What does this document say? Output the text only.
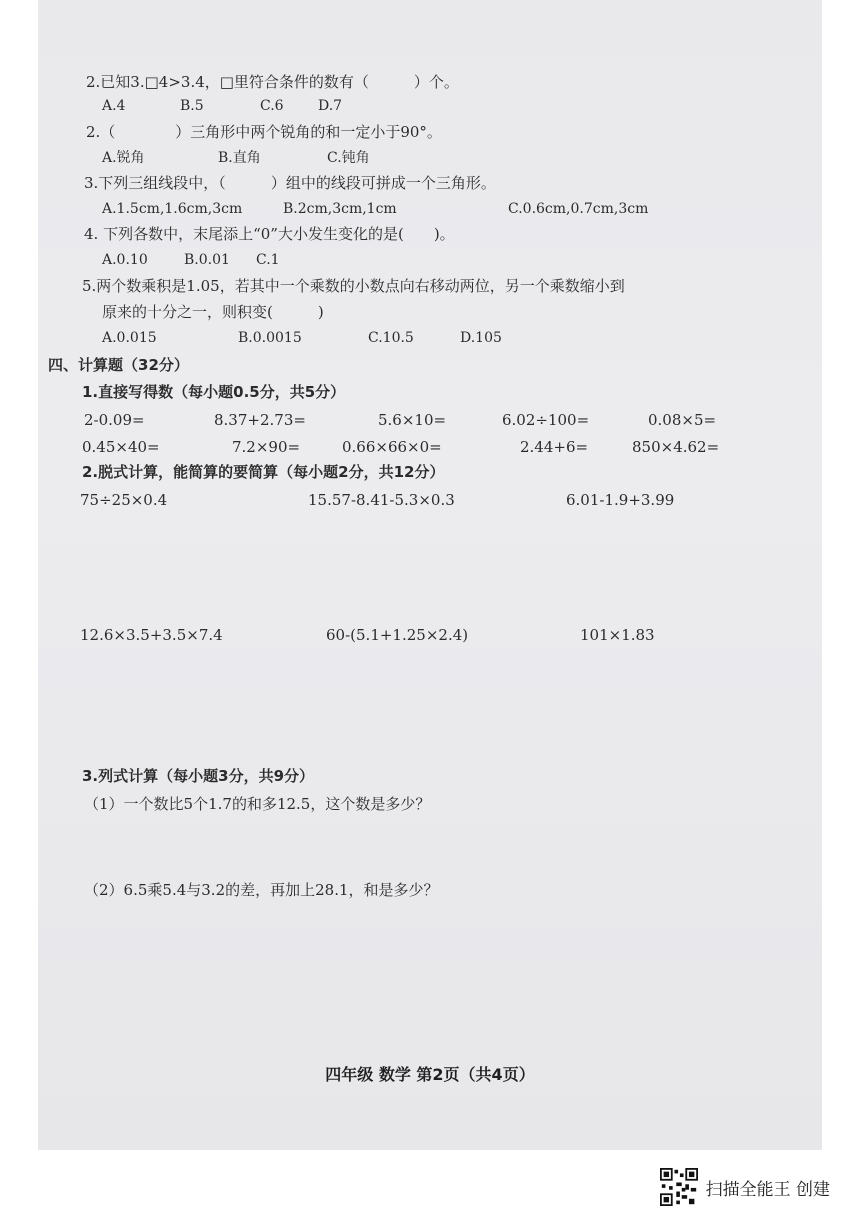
2.已知3.□4>3.4，□里符合条件的数有（　　　）个。
A.4	B.5	C.6 D.7
2.（　　　　）三角形中两个锐角的和一定小于90°。
A.锐角	B.直角	C.钝角
3.下列三组线段中，（　　　）组中的线段可拼成一个三角形。
A.1.5cm,1.6cm,3cm	B.2cm,3cm,1cm	C.0.6cm,0.7cm,3cm
4. 下列各数中，末尾添上“0”大小发生变化的是(　　)。
A.0.10	B.0.01 C.1
5.两个数乘积是1.05，若其中一个乘数的小数点向右移动两位，另一个乘数缩小到
原来的十分之一，则积变(　　　)
A.0.015	B.0.0015	C.10.5	D.105
四、计算题（32分）
1.直接写得数（每小题0.5分，共5分）
2-0.09=	8.37+2.73=	5.6×10=	6.02÷100=	0.08×5=
0.45×40=	7.2×90=	0.66×66×0=	2.44+6=	850×4.62=
2.脱式计算，能简算的要简算（每小题2分，共12分）
75÷25×0.4	15.57-8.41-5.3×0.3	6.01-1.9+3.99
12.6×3.5+3.5×7.4	60-(5.1+1.25×2.4)	101×1.83
3.列式计算（每小题3分，共9分）
（1）一个数比5个1.7的和多12.5，这个数是多少？
（2）6.5乘5.4与3.2的差，再加上28.1，和是多少？
四年级 数学 第2页（共4页）
扫描全能王 创建
